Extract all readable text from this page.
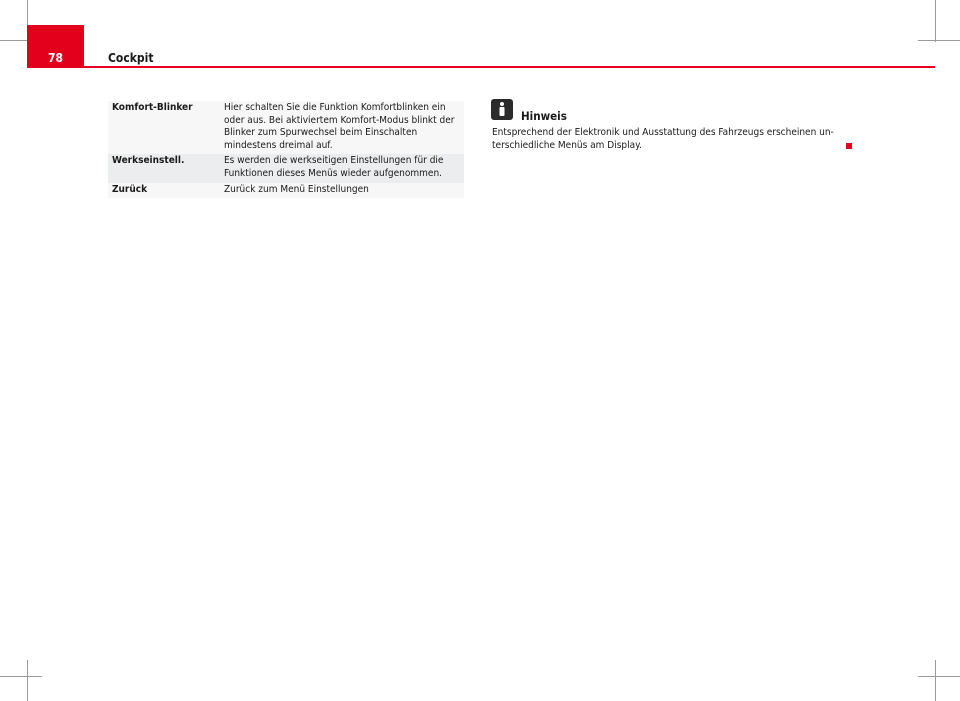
78	Cockpit
Komfort-Blinker	Hier schalten Sie die Funktion Komfortblinken ein oder aus. Bei aktiviertem Komfort-Modus blinkt der Blinker zum Spurwechsel beim Einschalten mindestens dreimal auf.
Werkseinstell.	Es werden die werkseitigen Einstellungen für die Funktionen dieses Menüs wieder aufgenommen.
Zurück	Zurück zum Menü Einstellungen
Hinweis
Entsprechend der Elektronik und Ausstattung des Fahrzeugs erscheinen un- terschiedliche Menüs am Display.
